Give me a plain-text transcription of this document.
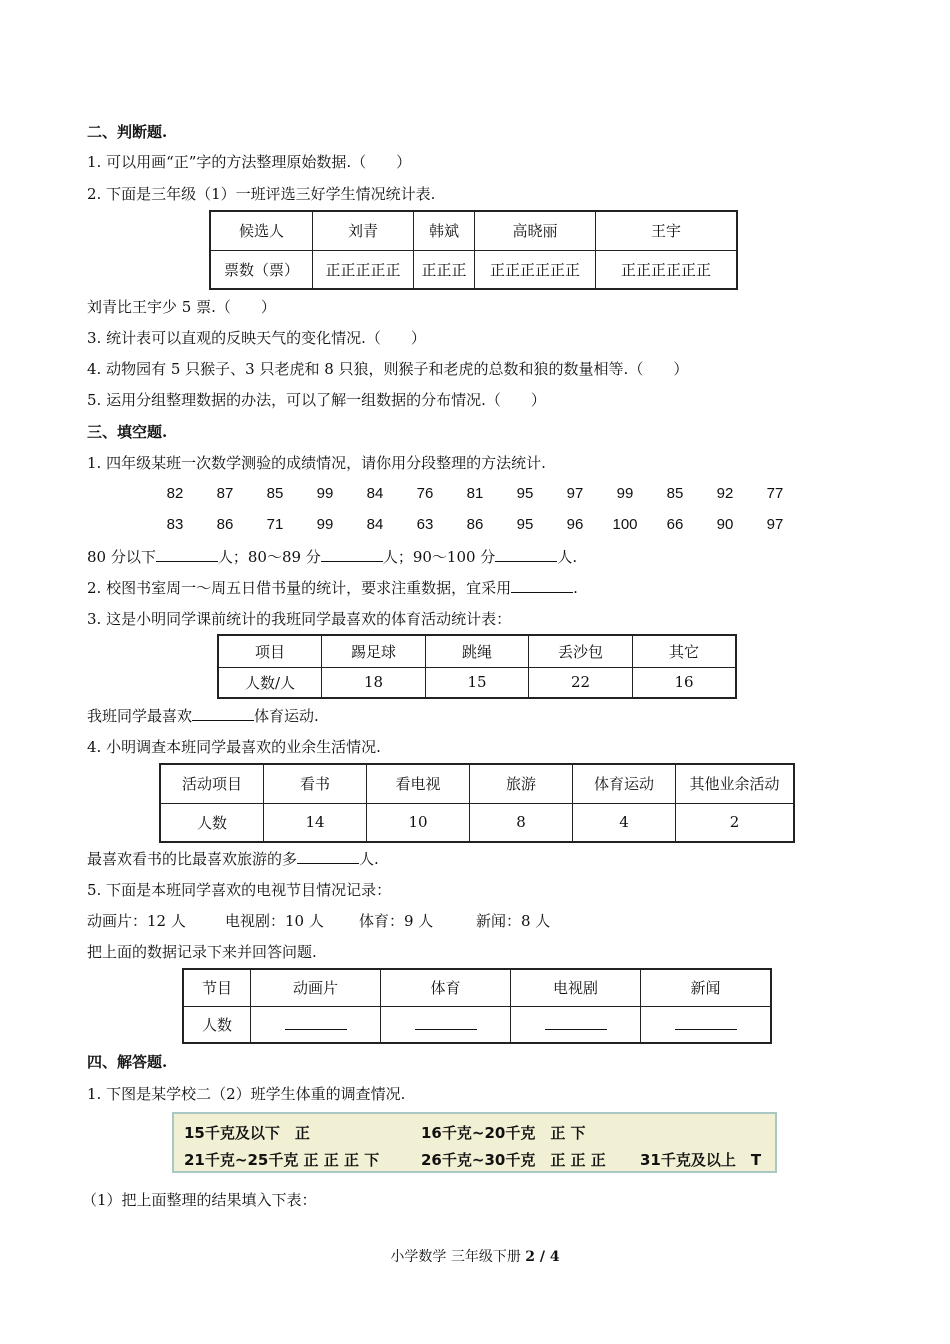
二、判断题.
1. 可以用画“正”字的方法整理原始数据.（　　）
2. 下面是三年级（1）一班评选三好学生情况统计表.
候选人	刘青	韩斌	高晓丽	王宇
票数（票）	正正正正正	正正正	正正正正正正	正正正正正正
刘青比王宇少 5 票.（　　）
3. 统计表可以直观的反映天气的变化情况.（　　）
4. 动物园有 5 只猴子、3 只老虎和 8 只狼，则猴子和老虎的总数和狼的数量相等.（　　）
5. 运用分组整理数据的办法，可以了解一组数据的分布情况.（　　）
三、填空题.
1. 四年级某班一次数学测验的成绩情况，请你用分段整理的方法统计.
82	87	85	99	84	76	81	95	97	99	85	92	77
83	86	71	99	84	63	86	95	96	100	66	90	97
80 分以下	人；80～89 分	人；90～100 分	人.
2. 校图书室周一～周五日借书量的统计，要求注重数据，宜采用	.
3. 这是小明同学课前统计的我班同学最喜欢的体育活动统计表：
项目	踢足球	跳绳	丢沙包	其它
人数/人	18	15	22	16
我班同学最喜欢	体育运动.
4. 小明调查本班同学最喜欢的业余生活情况.
活动项目	看书	看电视	旅游	体育运动	其他业余活动
人数	14	10	8	4	2
最喜欢看书的比最喜欢旅游的多	人.
5. 下面是本班同学喜欢的电视节目情况记录：
动画片：12 人	电视剧：10 人 体育：9 人	新闻：8 人
把上面的数据记录下来并回答问题.
节目	动画片	体育	电视剧	新闻
人数				
四、解答题.
1. 下图是某学校二（2）班学生体重的调查情况.
15千克及以下　正	16千克~20千克　正 下
21千克~25千克 正 正 正 下	26千克~30千克　正 正 正 31千克及以上　T
（1）把上面整理的结果填入下表：
小学数学 三年级下册 2 / 4
